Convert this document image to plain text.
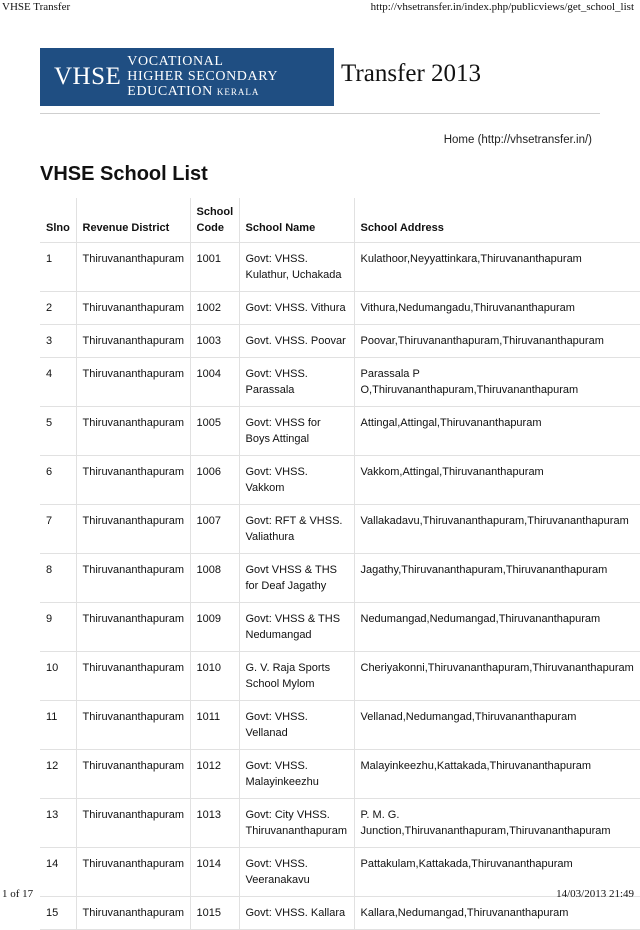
VHSE Transfer	http://vhsetransfer.in/index.php/publicviews/get_school_list
VHSE
VOCATIONAL
HIGHER SECONDARY
EDUCATION KERALA
Transfer 2013
Home (http://vhsetransfer.in/)
VHSE School List
Slno	Revenue District	School Code	School Name	School Address
1	Thiruvananthapuram	1001	Govt: VHSS. Kulathur, Uchakada	Kulathoor,Neyyattinkara,Thiruvananthapuram
2	Thiruvananthapuram	1002	Govt: VHSS. Vithura	Vithura,Nedumangadu,Thiruvananthapuram
3	Thiruvananthapuram	1003	Govt. VHSS. Poovar	Poovar,Thiruvananthapuram,Thiruvananthapuram
4	Thiruvananthapuram	1004	Govt: VHSS. Parassala	Parassala P O,Thiruvananthapuram,Thiruvananthapuram
5	Thiruvananthapuram	1005	Govt: VHSS for Boys Attingal	Attingal,Attingal,Thiruvananthapuram
6	Thiruvananthapuram	1006	Govt: VHSS. Vakkom	Vakkom,Attingal,Thiruvananthapuram
7	Thiruvananthapuram	1007	Govt: RFT & VHSS. Valiathura	Vallakadavu,Thiruvananthapuram,Thiruvananthapuram
8	Thiruvananthapuram	1008	Govt VHSS & THS for Deaf Jagathy	Jagathy,Thiruvananthapuram,Thiruvananthapuram
9	Thiruvananthapuram	1009	Govt: VHSS & THS Nedumangad	Nedumangad,Nedumangad,Thiruvananthapuram
10	Thiruvananthapuram	1010	G. V. Raja Sports School Mylom	Cheriyakonni,Thiruvananthapuram,Thiruvananthapuram
11	Thiruvananthapuram	1011	Govt: VHSS. Vellanad	Vellanad,Nedumangad,Thiruvananthapuram
12	Thiruvananthapuram	1012	Govt: VHSS. Malayinkeezhu	Malayinkeezhu,Kattakada,Thiruvananthapuram
13	Thiruvananthapuram	1013	Govt: City VHSS. Thiruvananthapuram	P. M. G. Junction,Thiruvananthapuram,Thiruvananthapuram
14	Thiruvananthapuram	1014	Govt: VHSS. Veeranakavu	Pattakulam,Kattakada,Thiruvananthapuram
15	Thiruvananthapuram	1015	Govt: VHSS. Kallara	Kallara,Nedumangad,Thiruvananthapuram
1 of 17	14/03/2013 21:49
